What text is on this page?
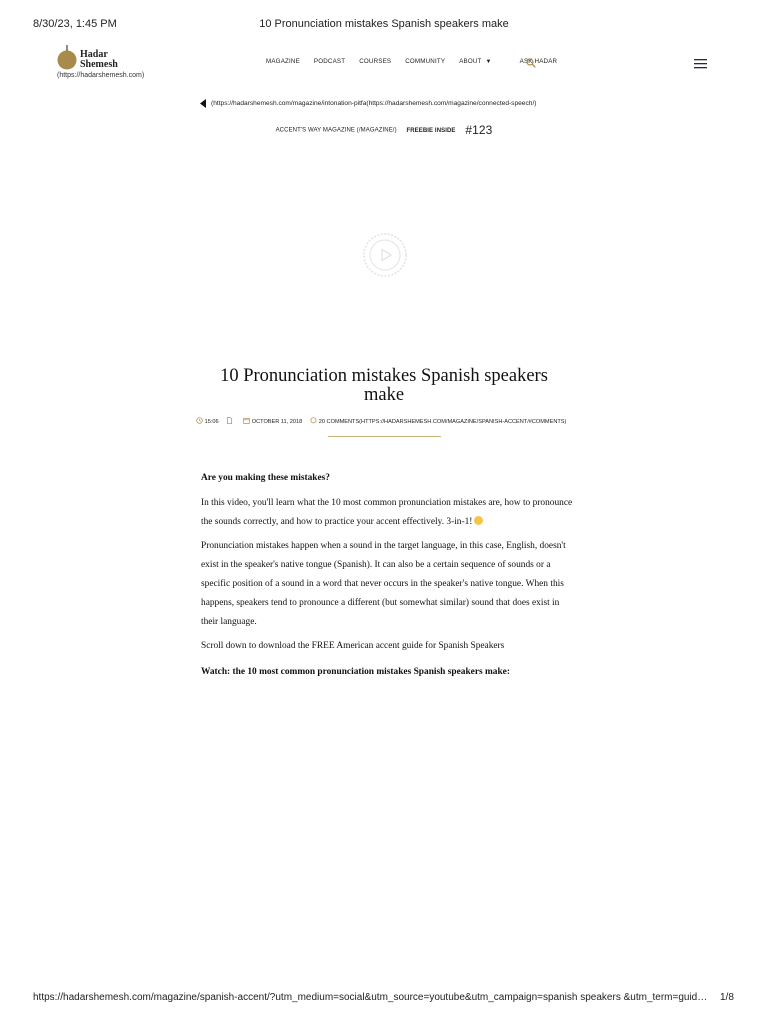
8/30/23, 1:45 PM	10 Pronunciation mistakes Spanish speakers make
Hadar
Shemesh
(https://hadarshemesh.com)
MAGAZINE PODCAST COURSES COMMUNITY ABOUT ▼	ASK HADAR
(https://hadarshemesh.com/magazine/intonation-pitfa(https://hadarshemesh.com/magazine/connected-speech/)
ACCENT'S WAY MAGAZINE (/MAGAZINE/) FREEBIE INSIDE #123
10 Pronunciation mistakes Spanish speakers make
15:06	OCTOBER 11, 2018	20 COMMENTS(HTTPS://HADARSHEMESH.COM/MAGAZINE/SPANISH-ACCENT/#COMMENTS)
Are you making these mistakes?
In this video, you'll learn what the 10 most common pronunciation mistakes are, how to pronounce the sounds correctly, and how to practice your accent effectively. 3-in-1!
Pronunciation mistakes happen when a sound in the target language, in this case, English, doesn't exist in the speaker's native tongue (Spanish). It can also be a certain sequence of sounds or a specific position of a sound in a word that never occurs in the speaker's native tongue. When this happens, speakers tend to pronounce a different (but somewhat similar) sound that does exist in their language.
Scroll down to download the FREE American accent guide for Spanish Speakers
Watch: the 10 most common pronunciation mistakes Spanish speakers make:
https://hadarshemesh.com/magazine/spanish-accent/?utm_medium=social&utm_source=youtube&utm_campaign=spanish speakers &utm_term=guid…	1/8
